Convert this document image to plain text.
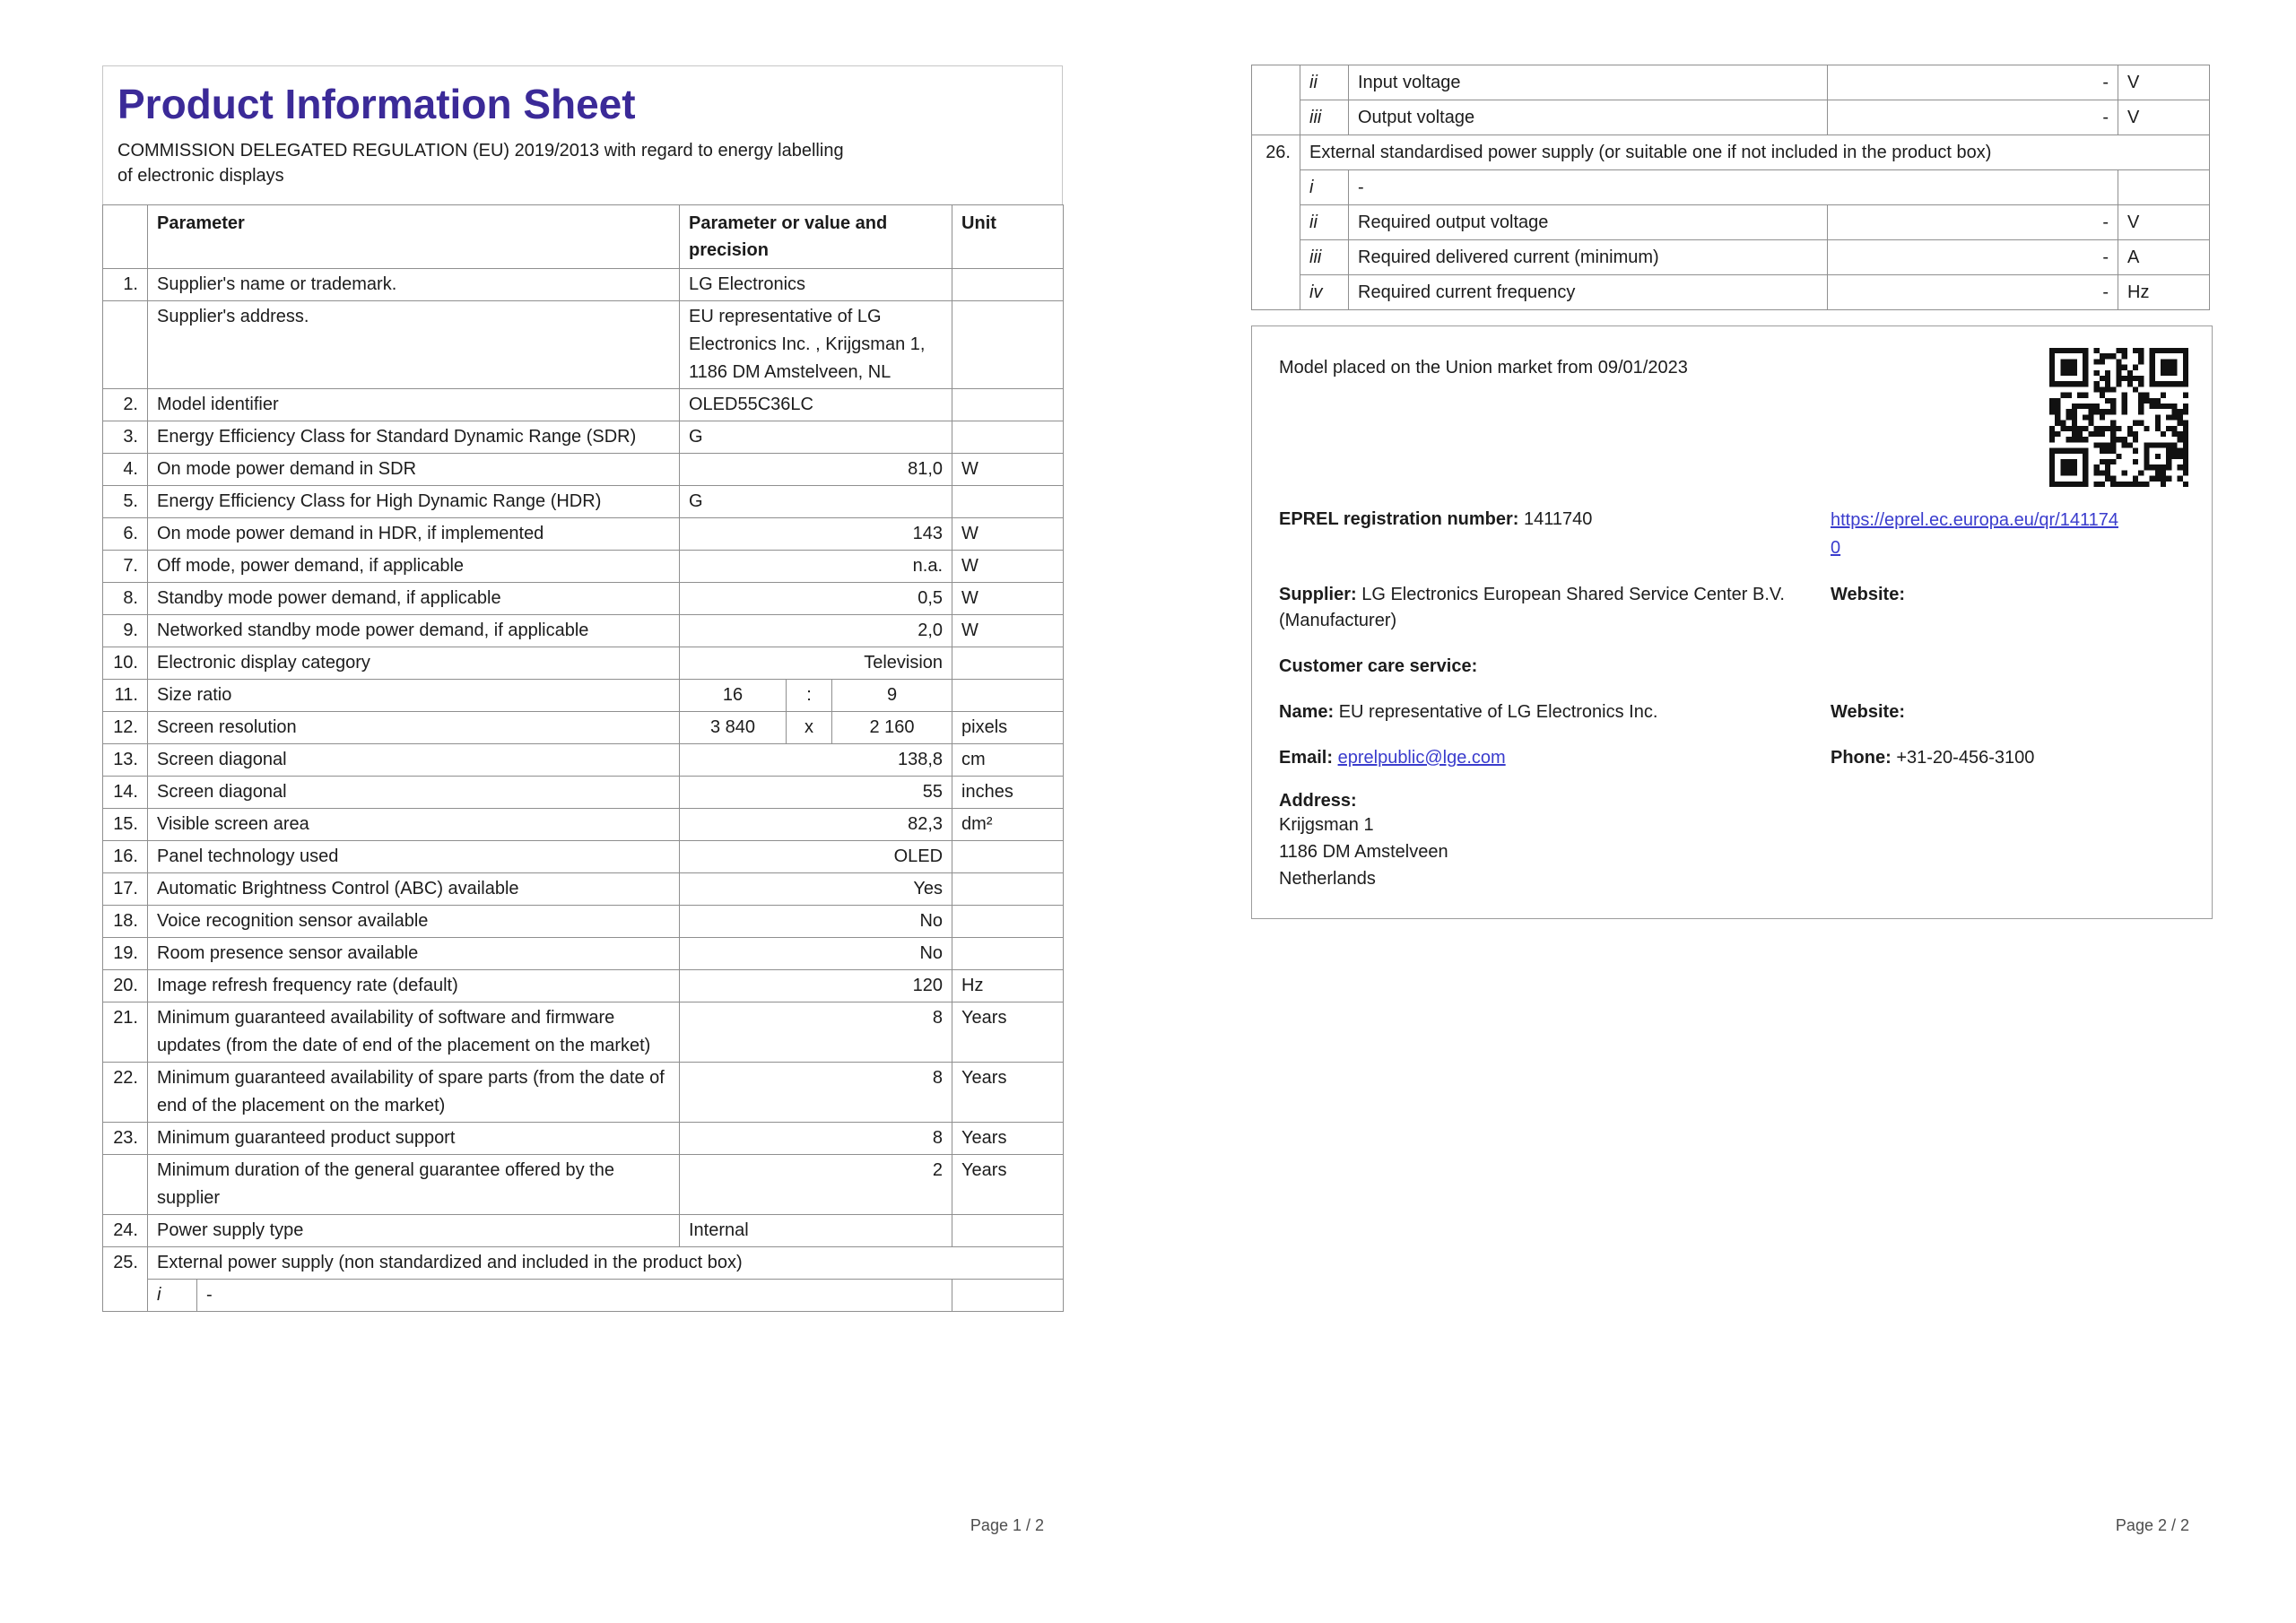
Product Information Sheet
COMMISSION DELEGATED REGULATION (EU) 2019/2013 with regard to energy labelling of electronic displays
	Parameter		Parameter or value and precision			Unit
1.	Supplier's name or trademark.		LG Electronics			
	Supplier's address.		EU representative of LG Electronics Inc. , Krijgsman 1, 1186 DM Amstelveen, NL			
2.	Model identifier		OLED55C36LC			
3.	Energy Efficiency Class for Standard Dynamic Range (SDR)		G			
4.	On mode power demand in SDR		81,0			W
5.	Energy Efficiency Class for High Dynamic Range (HDR)		G			
6.	On mode power demand in HDR, if implemented		143			W
7.	Off mode, power demand, if applicable		n.a.			W
8.	Standby mode power demand, if applicable		0,5			W
9.	Networked standby mode power demand, if applicable		2,0			W
10.	Electronic display category		Television			
11.	Size ratio		16	:	9	
12.	Screen resolution		3 840	x	2 160	pixels
13.	Screen diagonal		138,8			cm
14.	Screen diagonal		55			inches
15.	Visible screen area		82,3			dm²
16.	Panel technology used		OLED			
17.	Automatic Brightness Control (ABC) available		Yes			
18.	Voice recognition sensor available		No			
19.	Room presence sensor available		No			
20.	Image refresh frequency rate (default)		120			Hz
21.	Minimum guaranteed availability of software and firmware updates (from the date of end of the placement on the market)		8			Years
22.	Minimum guaranteed availability of spare parts (from the date of end of the placement on the market)		8			Years
23.	Minimum guaranteed product support		8			Years
	Minimum duration of the general guarantee offered by the supplier		2			Years
24.	Power supply type		Internal			
25.	External power supply (non standardized and included in the product box)					
	i	-				
Page 1 / 2
	ii	Input voltage	-	V
	iii	Output voltage	-	V
26.	External standardised power supply (or suitable one if not included in the product box)			
	i	-		
	ii	Required output voltage	-	V
	iii	Required delivered current (minimum)	-	A
	iv	Required current frequency	-	Hz
Model placed on the Union market from 09/01/2023
EPREL registration number: 1411740	https://eprel.ec.europa.eu/qr/1411740
Supplier: LG Electronics European Shared Service Center B.V. (Manufacturer)
Website:
Customer care service:
Name: EU representative of LG Electronics Inc.	Website:
Email: eprelpublic@lge.com	Phone: +31-20-456-3100
Address:
Krijgsman 1
1186 DM Amstelveen
Netherlands
Page 2 / 2
